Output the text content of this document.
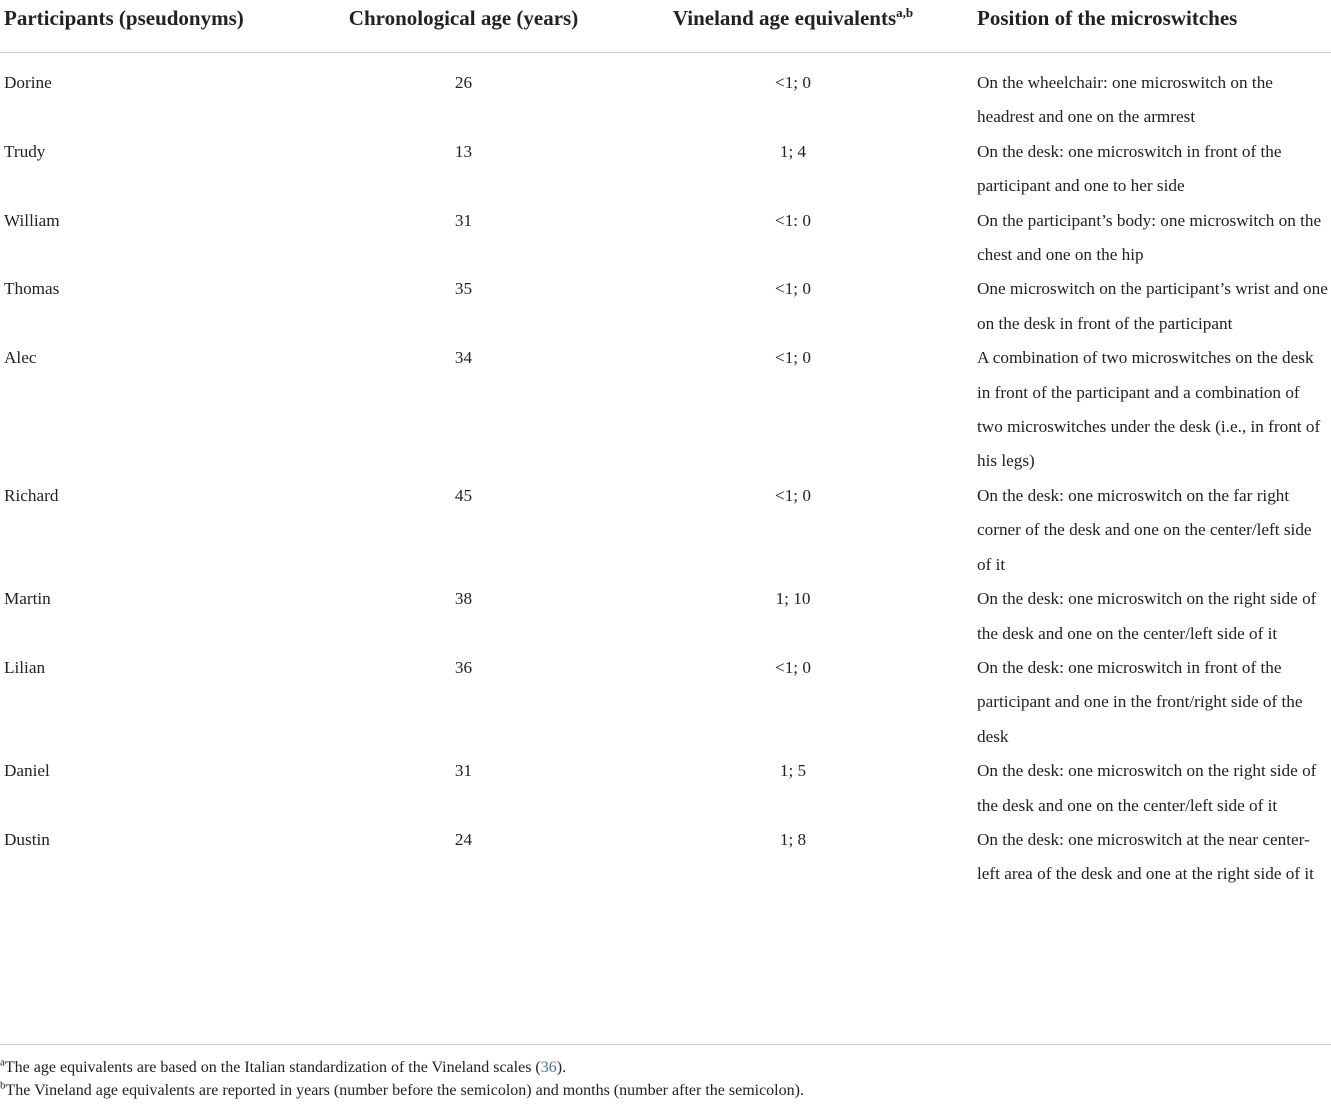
Participants (pseudonyms)	Chronological age (years)	Vineland age equivalents$^{a,b}$	Position of the microswitches
Dorine	26	<1; 0	On the wheelchair: one microswitch on the headrest and one on the armrest
Trudy	13	1; 4	On the desk: one microswitch in front of the participant and one to her side
William	31	<1: 0	On the participant’s body: one microswitch on the chest and one on the hip
Thomas	35	<1; 0	One microswitch on the participant’s wrist and one on the desk in front of the participant
Alec	34	<1; 0	A combination of two microswitches on the desk in front of the participant and a combination of two microswitches under the desk (i.e., in front of his legs)
Richard	45	<1; 0	On the desk: one microswitch on the far right corner of the desk and one on the center/left side of it
Martin	38	1; 10	On the desk: one microswitch on the right side of the desk and one on the center/left side of it
Lilian	36	<1; 0	On the desk: one microswitch in front of the participant and one in the front/right side of the desk
Daniel	31	1; 5	On the desk: one microswitch on the right side of the desk and one on the center/left side of it
Dustin	24	1; 8	On the desk: one microswitch at the near center-left area of the desk and one at the right side of it
$^a$The age equivalents are based on the Italian standardization of the Vineland scales (36).
$^b$The Vineland age equivalents are reported in years (number before the semicolon) and months (number after the semicolon).
